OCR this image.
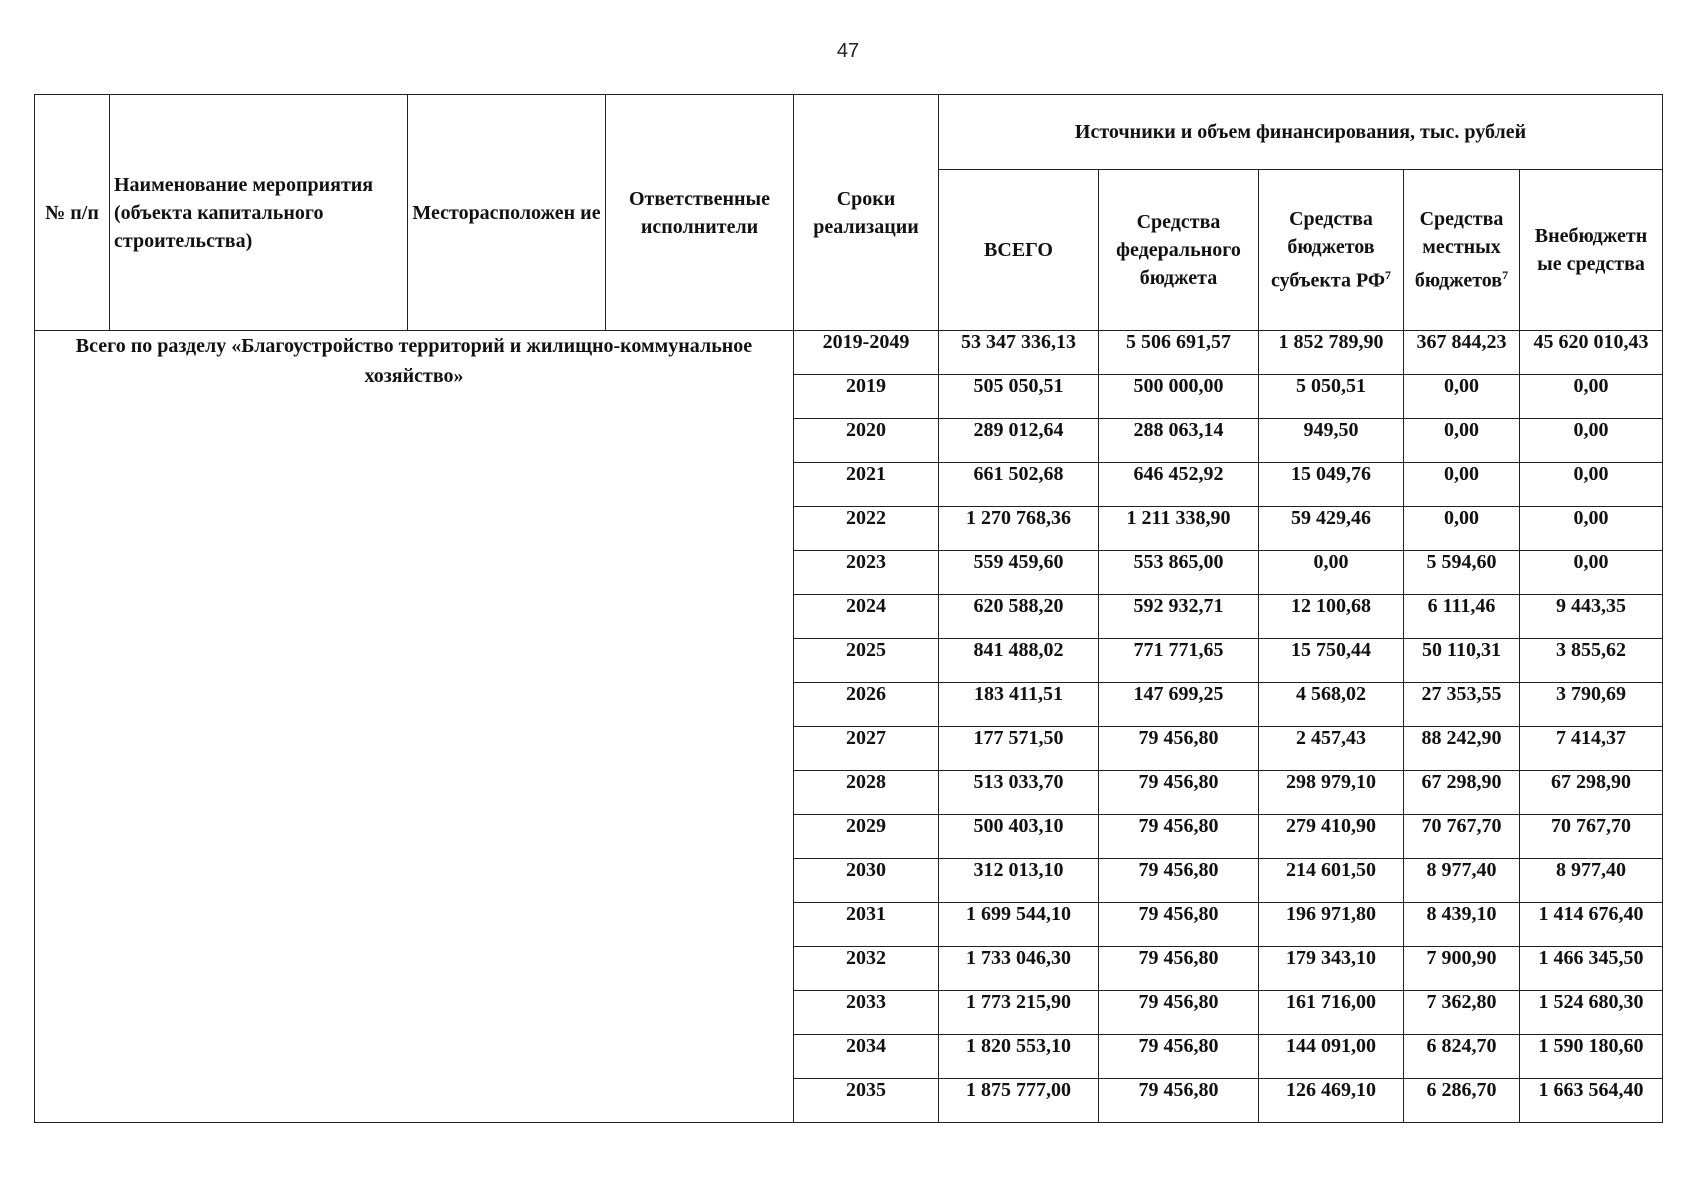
47
№ п/п	Наименование мероприятия (объекта капитального строительства)	Месторасположен ие	Ответственные исполнители	Сроки реализации	Источники и объем финансирования, тыс. рублей				
					ВСЕГО	Средства федерального бюджета	Средства бюджетов субъекта $РФ^7$	Средства местных бюджетов$^7$	Внебюджетн ые средства
Всего по разделу «Благоустройство территорий и жилищно-коммунальное хозяйство»				2019-2049	53 347 336,13	5 506 691,57	1 852 789,90	367 844,23	45 620 010,43
				2019	505 050,51	500 000,00	5 050,51	0,00	0,00
				2020	289 012,64	288 063,14	949,50	0,00	0,00
				2021	661 502,68	646 452,92	15 049,76	0,00	0,00
				2022	1 270 768,36	1 211 338,90	59 429,46	0,00	0,00
				2023	559 459,60	553 865,00	0,00	5 594,60	0,00
				2024	620 588,20	592 932,71	12 100,68	6 111,46	9 443,35
				2025	841 488,02	771 771,65	15 750,44	50 110,31	3 855,62
				2026	183 411,51	147 699,25	4 568,02	27 353,55	3 790,69
				2027	177 571,50	79 456,80	2 457,43	88 242,90	7 414,37
				2028	513 033,70	79 456,80	298 979,10	67 298,90	67 298,90
				2029	500 403,10	79 456,80	279 410,90	70 767,70	70 767,70
				2030	312 013,10	79 456,80	214 601,50	8 977,40	8 977,40
				2031	1 699 544,10	79 456,80	196 971,80	8 439,10	1 414 676,40
				2032	1 733 046,30	79 456,80	179 343,10	7 900,90	1 466 345,50
				2033	1 773 215,90	79 456,80	161 716,00	7 362,80	1 524 680,30
				2034	1 820 553,10	79 456,80	144 091,00	6 824,70	1 590 180,60
				2035	1 875 777,00	79 456,80	126 469,10	6 286,70	1 663 564,40
